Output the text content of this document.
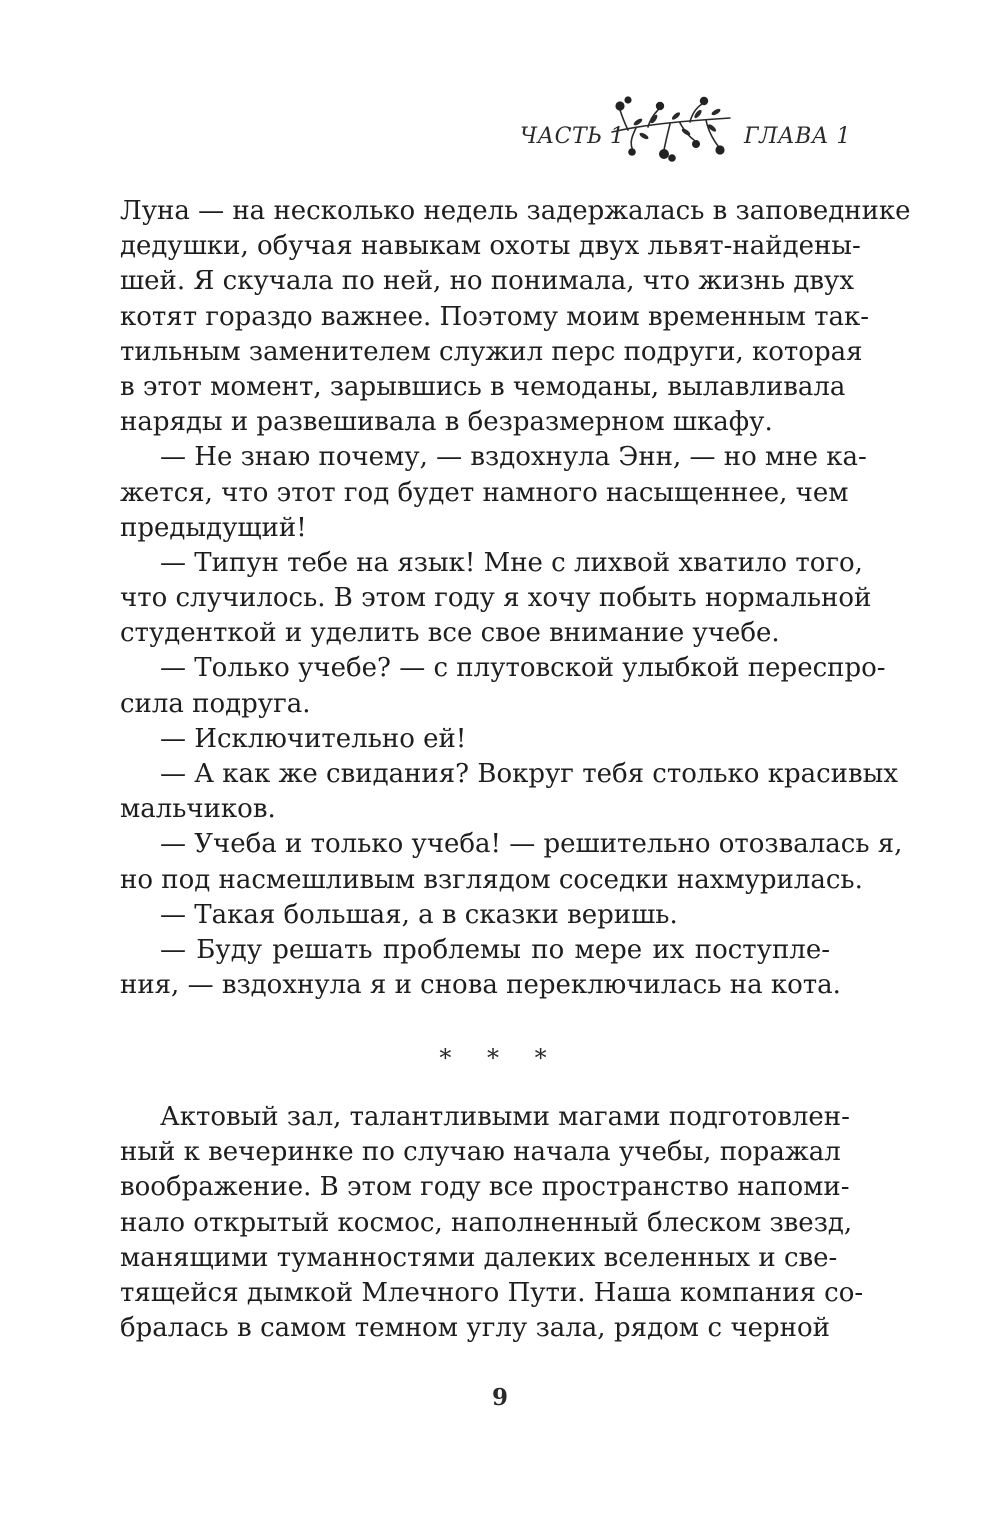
ЧАСТЬ 1	ГЛАВА 1
Луна — на несколько недель задержалась в заповеднике
дедушки, обучая навыкам охоты двух львят-найдены-
шей. Я скучала по ней, но понимала, что жизнь двух
котят гораздо важнее. Поэтому моим временным так-
тильным заменителем служил перс подруги, которая
в этот момент, зарывшись в чемоданы, вылавливала
наряды и развешивала в безразмерном шкафу.
— Не знаю почему, — вздохнула Энн, — но мне ка-
жется, что этот год будет намного насыщеннее, чем
предыдущий!
— Типун тебе на язык! Мне с лихвой хватило того,
что случилось. В этом году я хочу побыть нормальной
студенткой и уделить все свое внимание учебе.
— Только учебе? — с плутовской улыбкой переспро-
сила подруга.
— Исключительно ей!
— А как же свидания? Вокруг тебя столько красивых
мальчиков.
— Учеба и только учеба! — решительно отозвалась я,
но под насмешливым взглядом соседки нахмурилась.
— Такая большая, а в сказки веришь.
— Буду решать проблемы по мере их поступле-
ния, — вздохнула я и снова переключилась на кота.
* * *
Актовый зал, талантливыми магами подготовлен-
ный к вечеринке по случаю начала учебы, поражал
воображение. В этом году все пространство напоми-
нало открытый космос, наполненный блеском звезд,
манящими туманностями далеких вселенных и све-
тящейся дымкой Млечного Пути. Наша компания со-
бралась в самом темном углу зала, рядом с черной
9
